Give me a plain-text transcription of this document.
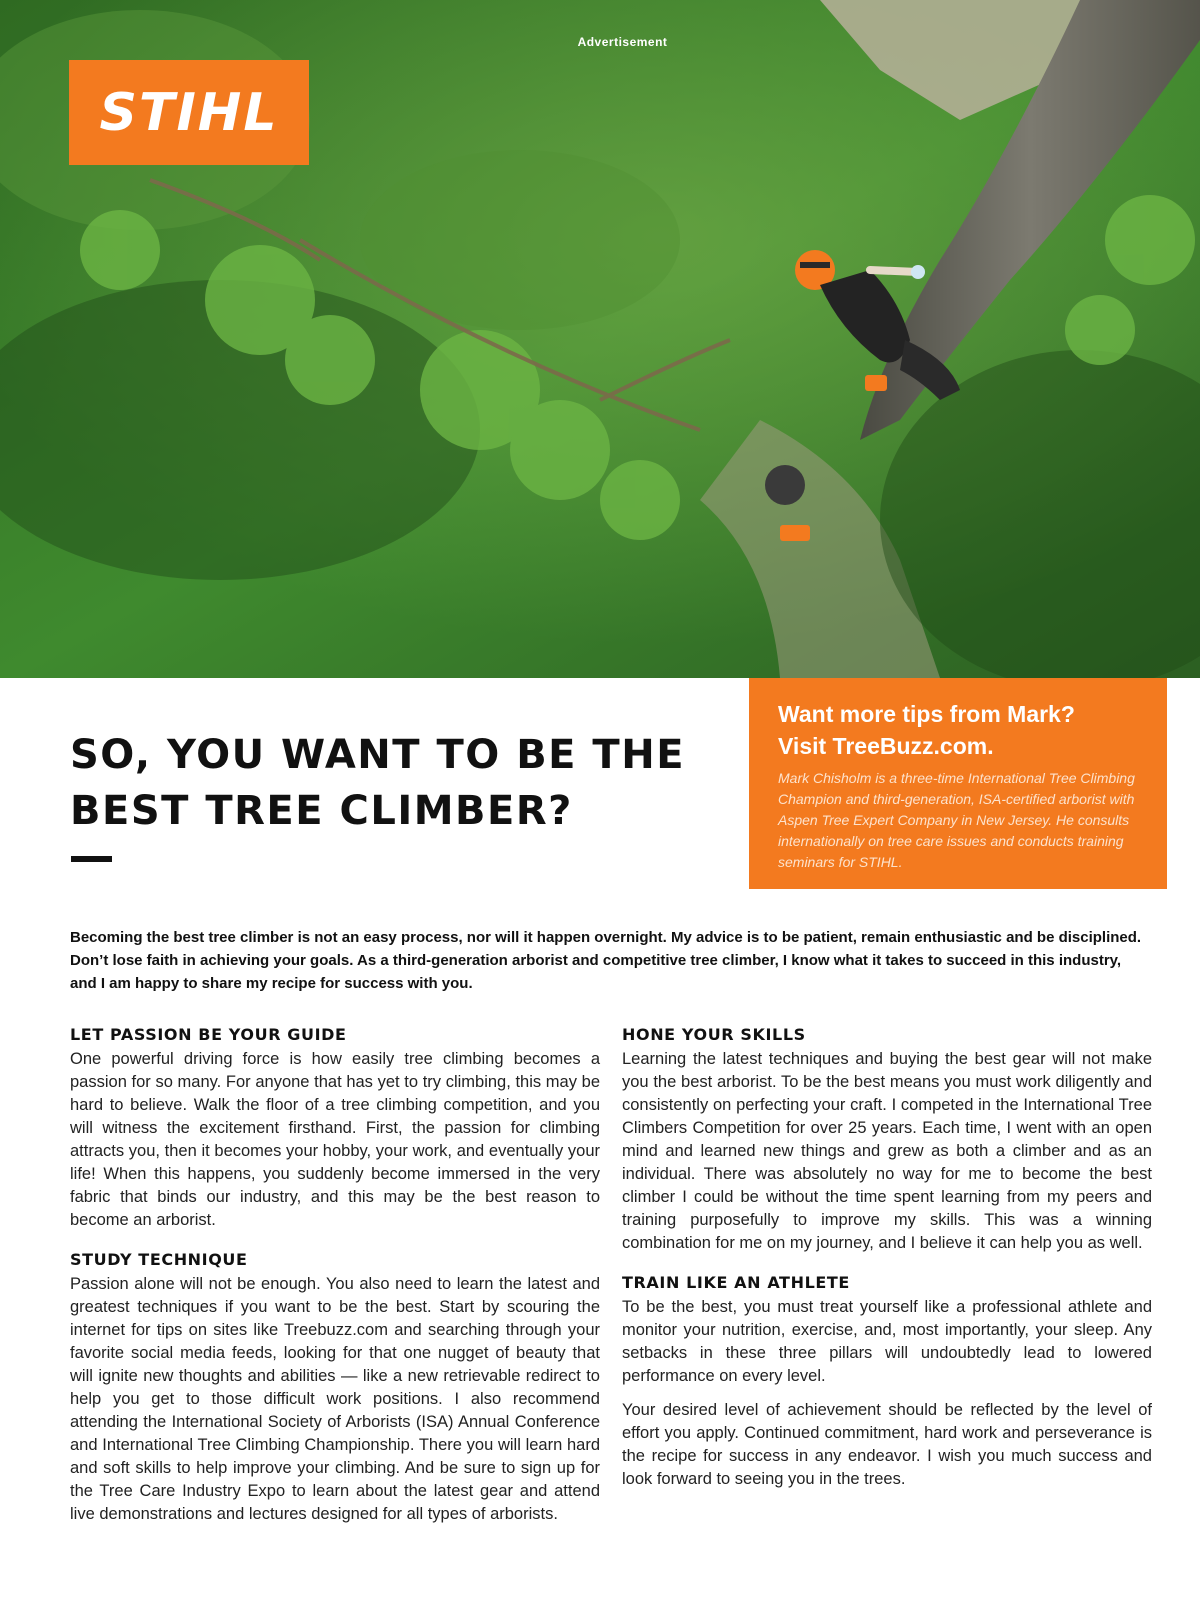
Advertisement
STIHL

Want more tips from Mark?
Visit TreeBuzz.com.

Mark Chisholm is a three-time International Tree Climbing Champion and third-generation, ISA-certified arborist with Aspen Tree Expert Company in New Jersey. He consults internationally on tree care issues and conducts training seminars for STIHL.

SO, YOU WANT TO BE THE
BEST TREE CLIMBER?

Becoming the best tree climber is not an easy process, nor will it happen overnight. My advice is to be patient, remain enthusiastic and be disciplined. Don’t lose faith in achieving your goals. As a third-generation arborist and competitive tree climber, I know what it takes to succeed in this industry, and I am happy to share my recipe for success with you.

LET PASSION BE YOUR GUIDE

One powerful driving force is how easily tree climbing becomes a passion for so many. For anyone that has yet to try climbing, this may be hard to believe. Walk the floor of a tree climbing competition, and you will witness the excitement firsthand. First, the passion for climbing attracts you, then it becomes your hobby, your work, and eventually your life! When this happens, you suddenly become immersed in the very fabric that binds our industry, and this may be the best reason to become an arborist.

STUDY TECHNIQUE

Passion alone will not be enough. You also need to learn the latest and greatest techniques if you want to be the best. Start by scouring the internet for tips on sites like Treebuzz.com and searching through your favorite social media feeds, looking for that one nugget of beauty that will ignite new thoughts and abilities — like a new retrievable redirect to help you get to those difficult work positions. I also recommend attending the International Society of Arborists (ISA) Annual Conference and International Tree Climbing Championship. There you will learn hard and soft skills to help improve your climbing. And be sure to sign up for the Tree Care Industry Expo to learn about the latest gear and attend live demonstrations and lectures designed for all types of arborists.

HONE YOUR SKILLS

Learning the latest techniques and buying the best gear will not make you the best arborist. To be the best means you must work diligently and consistently on perfecting your craft. I competed in the International Tree Climbers Competition for over 25 years. Each time, I went with an open mind and learned new things and grew as both a climber and as an individual. There was absolutely no way for me to become the best climber I could be without the time spent learning from my peers and training purposefully to improve my skills. This was a winning combination for me on my journey, and I believe it can help you as well.

TRAIN LIKE AN ATHLETE

To be the best, you must treat yourself like a professional athlete and monitor your nutrition, exercise, and, most importantly, your sleep. Any setbacks in these three pillars will undoubtedly lead to lowered performance on every level.

Your desired level of achievement should be reflected by the level of effort you apply. Continued commitment, hard work and perseverance is the recipe for success in any endeavor. I wish you much success and look forward to seeing you in the trees.
